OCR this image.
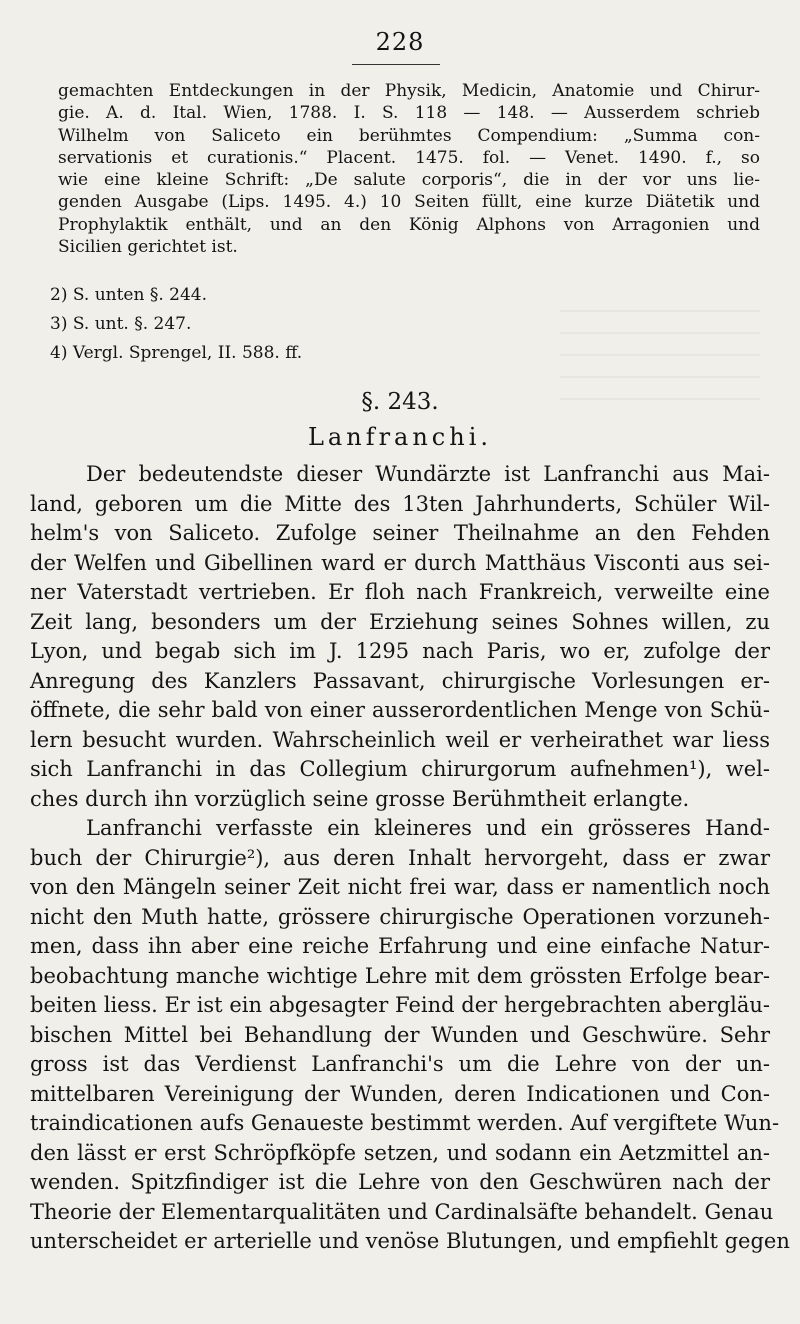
228
gemachten Entdeckungen in der Physik, Medicin, Anatomie und Chirur-
gie. A. d. Ital. Wien, 1788. I. S. 118 — 148. — Ausserdem schrieb
Wilhelm von Saliceto ein berühmtes Compendium: „Summa con-
servationis et curationis.“ Placent. 1475. fol. — Venet. 1490. f., so
wie eine kleine Schrift: „De salute corporis“, die in der vor uns lie-
genden Ausgabe (Lips. 1495. 4.) 10 Seiten füllt, eine kurze Diätetik und
Prophylaktik enthält, und an den König Alphons von Arragonien und
Sicilien gerichtet ist.
2) S. unten §. 244.
3) S. unt. §. 247.
4) Vergl. Sprengel, II. 588. ff.
§. 243.
Lanfranchi.
Der bedeutendste dieser Wundärzte ist Lanfranchi aus Mai-
land, geboren um die Mitte des 13ten Jahrhunderts, Schüler Wil-
helm's von Saliceto. Zufolge seiner Theilnahme an den Fehden
der Welfen und Gibellinen ward er durch Matthäus Visconti aus sei-
ner Vaterstadt vertrieben. Er floh nach Frankreich, verweilte eine
Zeit lang, besonders um der Erziehung seines Sohnes willen, zu
Lyon, und begab sich im J. 1295 nach Paris, wo er, zufolge der
Anregung des Kanzlers Passavant, chirurgische Vorlesungen er-
öffnete, die sehr bald von einer ausserordentlichen Menge von Schü-
lern besucht wurden. Wahrscheinlich weil er verheirathet war liess
sich Lanfranchi in das Collegium chirurgorum aufnehmen¹), wel-
ches durch ihn vorzüglich seine grosse Berühmtheit erlangte.
Lanfranchi verfasste ein kleineres und ein grösseres Hand-
buch der Chirurgie²), aus deren Inhalt hervorgeht, dass er zwar
von den Mängeln seiner Zeit nicht frei war, dass er namentlich noch
nicht den Muth hatte, grössere chirurgische Operationen vorzuneh-
men, dass ihn aber eine reiche Erfahrung und eine einfache Natur-
beobachtung manche wichtige Lehre mit dem grössten Erfolge bear-
beiten liess. Er ist ein abgesagter Feind der hergebrachten abergläu-
bischen Mittel bei Behandlung der Wunden und Geschwüre. Sehr
gross ist das Verdienst Lanfranchi's um die Lehre von der un-
mittelbaren Vereinigung der Wunden, deren Indicationen und Con-
traindicationen aufs Genaueste bestimmt werden. Auf vergiftete Wun-
den lässt er erst Schröpfköpfe setzen, und sodann ein Aetzmittel an-
wenden. Spitzfindiger ist die Lehre von den Geschwüren nach der
Theorie der Elementarqualitäten und Cardinalsäfte behandelt. Genau
unterscheidet er arterielle und venöse Blutungen, und empfiehlt gegen
